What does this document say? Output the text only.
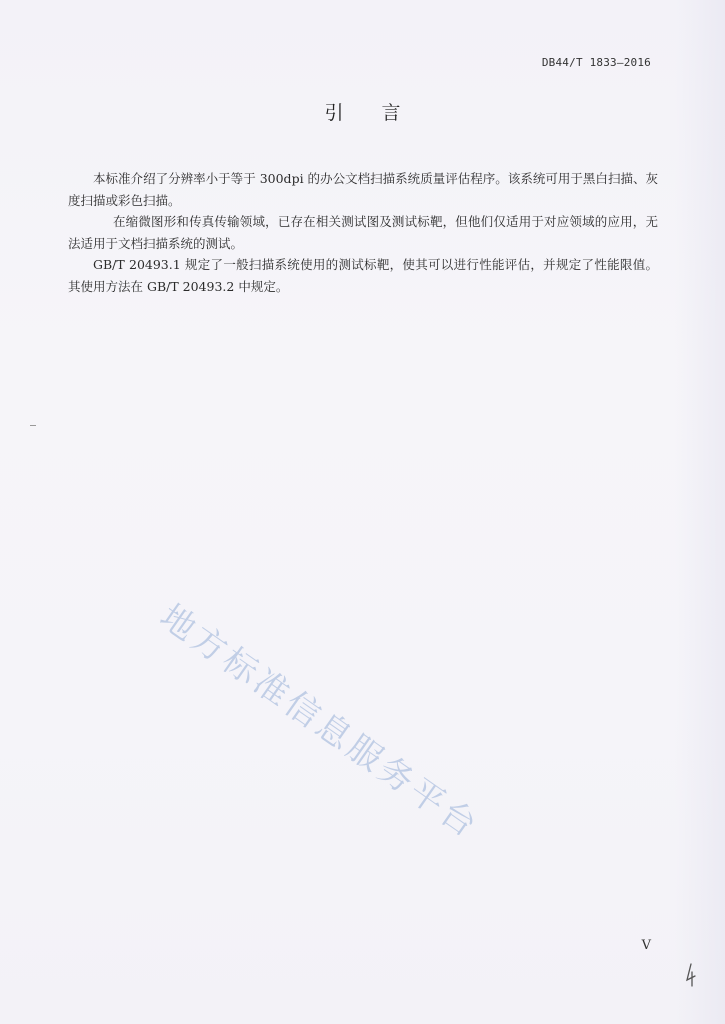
DB44/T 1833—2016
引言

本标准介绍了分辨率小于等于 300dpi 的办公文档扫描系统质量评估程序。该系统可用于黑白扫描、灰度扫描或彩色扫描。

在缩微图形和传真传输领域，已存在相关测试图及测试标靶，但他们仅适用于对应领域的应用，无法适用于文档扫描系统的测试。

GB/T 20493.1 规定了一般扫描系统使用的测试标靶，使其可以进行性能评估，并规定了性能限值。其使用方法在 GB/T 20493.2 中规定。

地方标准信息服务平台
V
